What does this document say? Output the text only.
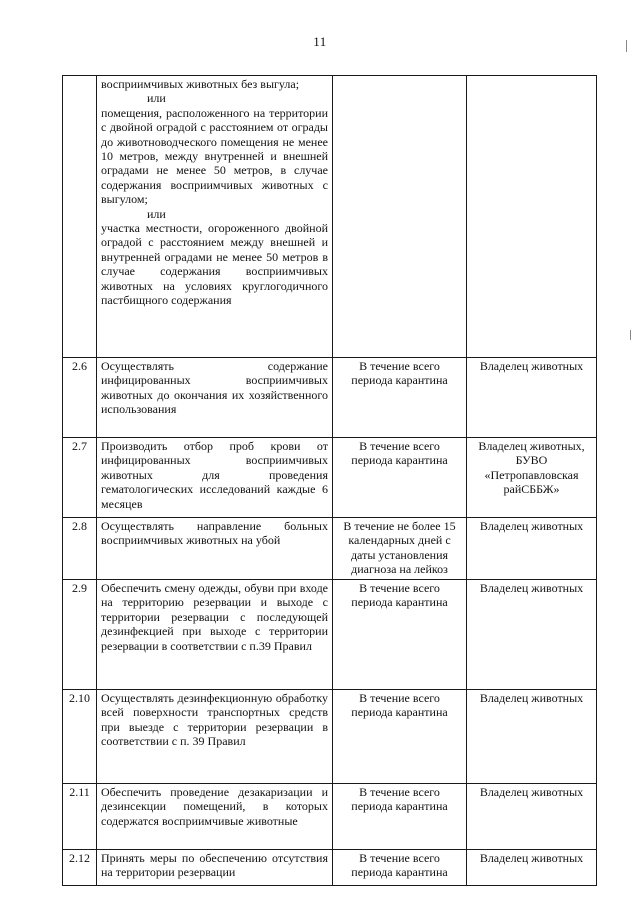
11

	восприимчивых животных без выгула;
или
помещения, расположенного на территории с двойной оградой с расстоянием от ограды до животноводческого помещения не менее 10 метров, между внутренней и внешней оградами не менее 50 метров, в случае содержания восприимчивых животных с выгулом;
или
участка местности, огороженного двойной оградой с расстоянием между внешней и внутренней оградами не менее 50 метров в случае содержания восприимчивых животных на условиях круглогодичного пастбищного содержания		

2.6	Осуществлять содержание инфицированных восприимчивых животных до окончания их хозяйственного использования	В течение всего периода карантина	Владелец животных
2.7	Производить отбор проб крови от инфицированных восприимчивых животных для проведения гематологических исследований каждые 6 месяцев	В течение всего периода карантина	Владелец животных, БУВО «Петропавловская райСББЖ»
2.8	Осуществлять направление больных восприимчивых животных на убой	В течение не более 15 календарных дней с даты установления диагноза на лейкоз	Владелец животных
2.9	Обеспечить смену одежды, обуви при входе на территорию резервации и выходе с территории резервации с последующей дезинфекцией при выходе с территории резервации в соответствии с п.39 Правил	В течение всего периода карантина	Владелец животных
2.10	Осуществлять дезинфекционную обработку всей поверхности транспортных средств при выезде с территории резервации в соответствии с п. 39 Правил	В течение всего периода карантина	Владелец животных
2.11	Обеспечить проведение дезакаризации и дезинсекции помещений, в которых содержатся восприимчивые животные	В течение всего периода карантина	Владелец животных
2.12	Принять меры по обеспечению отсутствия на территории резервации	В течение всего периода карантина	Владелец животных
